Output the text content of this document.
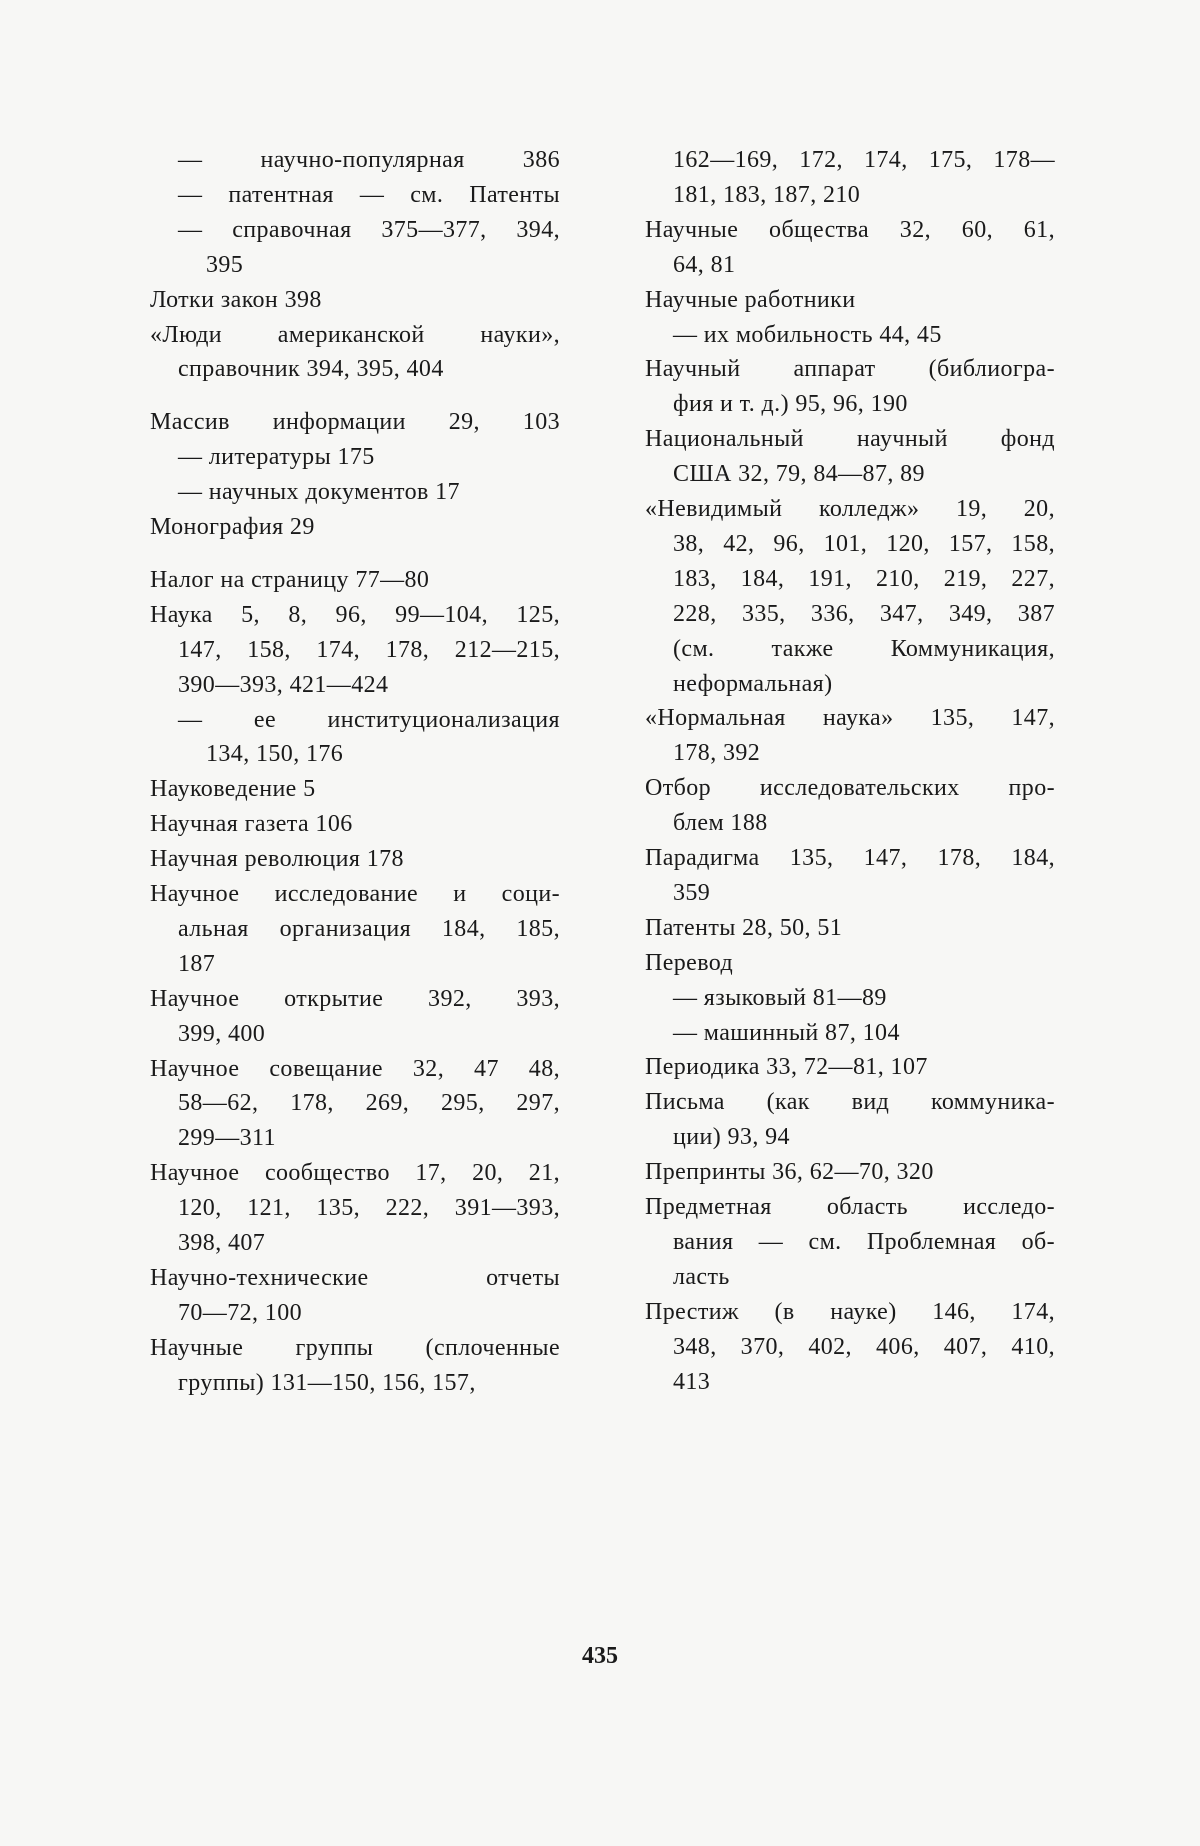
— научно-популярная 386
— патентная — см. Патенты
— справочная 375—377, 394,
395
Лотки закон 398
«Люди американской науки»,
справочник 394, 395, 404
Массив информации 29, 103
— литературы 175
— научных документов 17
Монография 29
Налог на страницу 77—80
Наука 5, 8, 96, 99—104, 125,
147, 158, 174, 178, 212—215,
390—393, 421—424
— ее институционализация
134, 150, 176
Науковедение 5
Научная газета 106
Научная революция 178
Научное исследование и соци-
альная организация 184, 185,
187
Научное открытие 392, 393,
399, 400
Научное совещание 32, 47 48,
58—62, 178, 269, 295, 297,
299—311
Научное сообщество 17, 20, 21,
120, 121, 135, 222, 391—393,
398, 407
Научно-технические отчеты
70—72, 100
Научные группы (сплоченные
группы) 131—150, 156, 157,
162—169, 172, 174, 175, 178—
181, 183, 187, 210
Научные общества 32, 60, 61,
64, 81
Научные работники
— их мобильность 44, 45
Научный аппарат (библиогра-
фия и т. д.) 95, 96, 190
Национальный научный фонд
США 32, 79, 84—87, 89
«Невидимый колледж» 19, 20,
38, 42, 96, 101, 120, 157, 158,
183, 184, 191, 210, 219, 227,
228, 335, 336, 347, 349, 387
(см. также Коммуникация,
неформальная)
«Нормальная наука» 135, 147,
178, 392
Отбор исследовательских про-
блем 188
Парадигма 135, 147, 178, 184,
359
Патенты 28, 50, 51
Перевод
— языковый 81—89
— машинный 87, 104
Периодика 33, 72—81, 107
Письма (как вид коммуника-
ции) 93, 94
Препринты 36, 62—70, 320
Предметная область исследо-
вания — см. Проблемная об-
ласть
Престиж (в науке) 146, 174,
348, 370, 402, 406, 407, 410,
413
435
